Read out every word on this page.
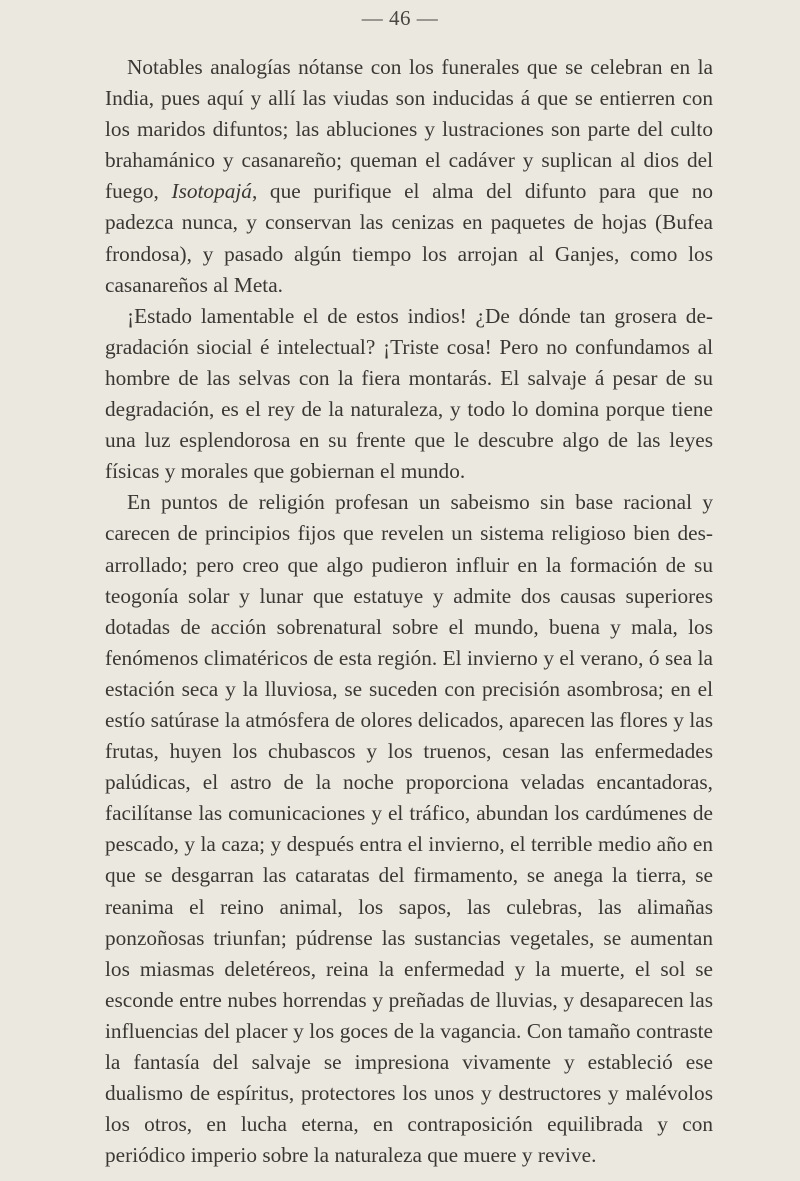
— 46 —

Notables analogías nótanse con los funerales que se celebran en la India, pues aquí y allí las viudas son inducidas á que se entierren con los maridos difuntos; las abluciones y lustraciones son parte del culto brahamánico y casanareño; queman el cadáver y suplican al dios del fuego, Isotopajá, que purifique el alma del difunto para que no padezca nunca, y conservan las cenizas en paquetes de hojas (Bufea frondosa), y pasado algún tiempo los arrojan al Ganjes, como los casanareños al Meta.

¡Estado lamentable el de estos indios! ¿De dónde tan grosera degradación siocial é intelectual? ¡Triste cosa! Pero no confundamos al hombre de las selvas con la fiera montarás. El salvaje á pesar de su degradación, es el rey de la naturaleza, y todo lo domina porque tiene una luz esplendorosa en su frente que le descubre algo de las leyes físicas y morales que gobiernan el mundo.

En puntos de religión profesan un sabeismo sin base racional y carecen de principios fijos que revelen un sistema religioso bien desarrollado; pero creo que algo pudieron influir en la formación de su teogonía solar y lunar que estatuye y admite dos causas superiores dotadas de acción sobrenatural sobre el mundo, buena y mala, los fenómenos climatéricos de esta región. El invierno y el verano, ó sea la estación seca y la lluviosa, se suceden con precisión asombrosa; en el estío satúrase la atmósfera de olores delicados, aparecen las flores y las frutas, huyen los chubascos y los truenos, cesan las enfermedades palúdicas, el astro de la noche proporciona veladas encantadoras, facilítanse las comunicaciones y el tráfico, abundan los cardúmenes de pescado, y la caza; y después entra el invierno, el terrible medio año en que se desgarran las cataratas del firmamento, se anega la tierra, se reanima el reino animal, los sapos, las culebras, las alimañas ponzoñosas triunfan; púdrense las sustancias vegetales, se aumentan los miasmas deletéreos, reina la enfermedad y la muerte, el sol se esconde entre nubes horrendas y preñadas de lluvias, y desaparecen las influencias del placer y los goces de la vagancia. Con tamaño contraste la fantasía del salvaje se impresiona vivamente y estableció ese dualismo de espíritus, protectores los unos y destructores y malévolos los otros, en lucha eterna, en contraposición equilibrada y con periódico imperio sobre la naturaleza que muere y revive.
